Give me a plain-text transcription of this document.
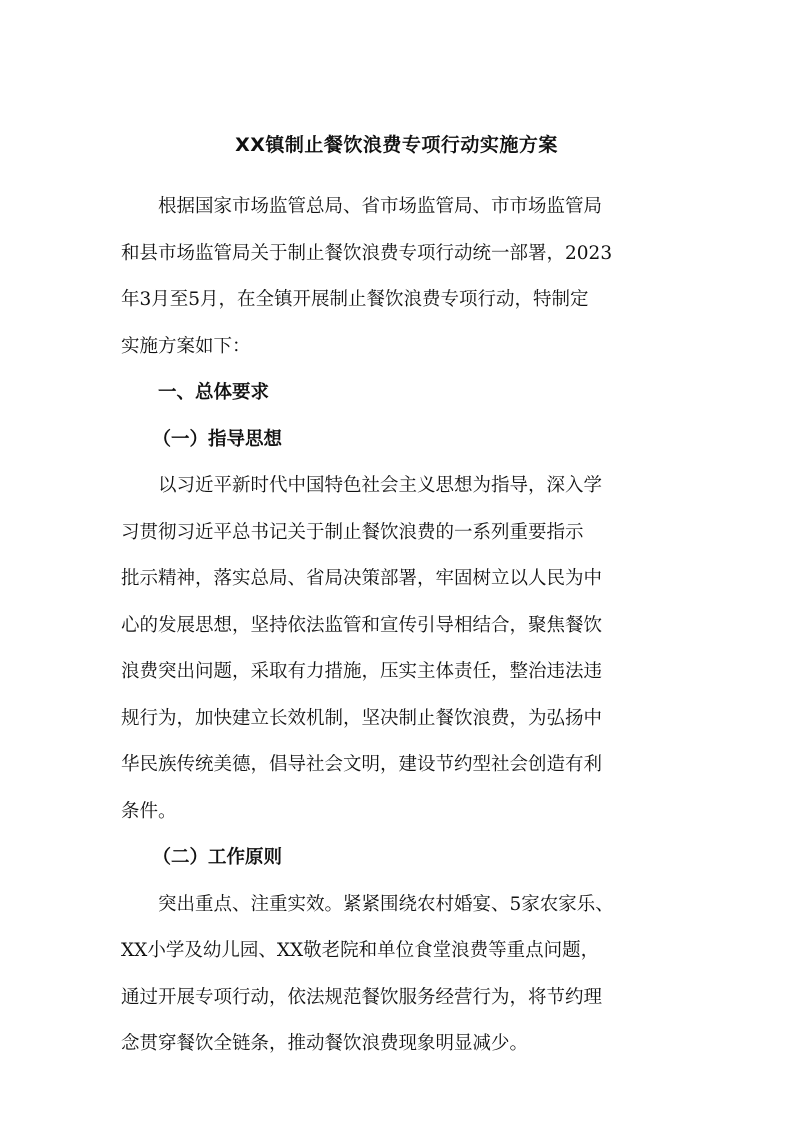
XX镇制止餐饮浪费专项行动实施方案
根据国家市场监管总局、省市场监管局、市市场监管局
和县市场监管局关于制止餐饮浪费专项行动统一部署，2023
年3月至5月，在全镇开展制止餐饮浪费专项行动，特制定
实施方案如下：
一、总体要求
（一）指导思想
以习近平新时代中国特色社会主义思想为指导，深入学
习贯彻习近平总书记关于制止餐饮浪费的一系列重要指示
批示精神，落实总局、省局决策部署，牢固树立以人民为中
心的发展思想，坚持依法监管和宣传引导相结合，聚焦餐饮
浪费突出问题，采取有力措施，压实主体责任，整治违法违
规行为，加快建立长效机制，坚决制止餐饮浪费，为弘扬中
华民族传统美德，倡导社会文明，建设节约型社会创造有利
条件。
（二）工作原则
突出重点、注重实效。紧紧围绕农村婚宴、5家农家乐、
XX小学及幼儿园、XX敬老院和单位食堂浪费等重点问题，
通过开展专项行动，依法规范餐饮服务经营行为，将节约理
念贯穿餐饮全链条，推动餐饮浪费现象明显减少。
